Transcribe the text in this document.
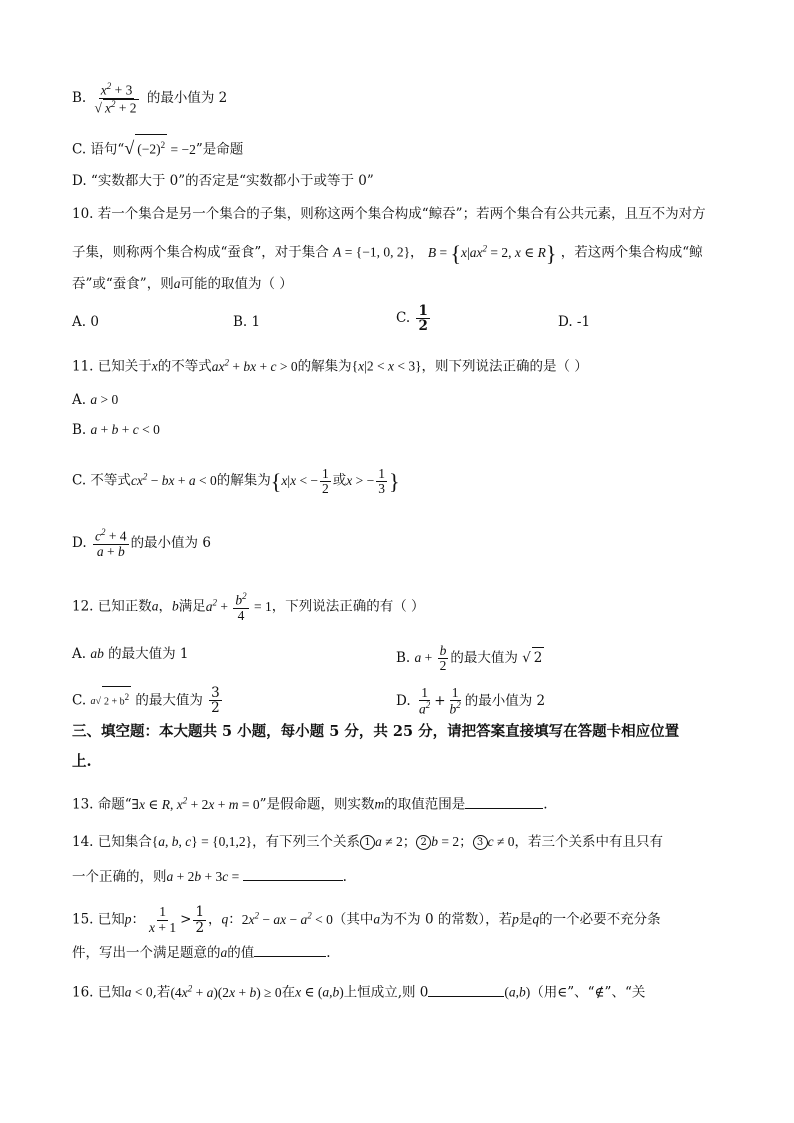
B. $\frac{x^2 + 3}{√ x^2 + 2}$ 的最小值为 2
C. 语句“√ $(-2)^2 = -2$”是命题
D. “实数都大于 0”的否定是“实数都小于或等于 0”
10. 若一个集合是另一个集合的子集，则称这两个集合构成“鲸吞”；若两个集合有公共元素，且互不为对方
子集，则称两个集合构成“蚕食”，对于集合 A = {−1, 0, 2}， $B = \{x|ax^2 = 2$, x ∈ R} ，若这两个集合构成“鲸
吞”或“蚕食”，则a可能的取值为（ ）
A. 0	B. 1	C. $\frac{1}{2}$	D. -1
11. 已知关于x的不等式$ax^2$ + bx + c > 0的解集为{x|2 < x < 3}，则下列说法正确的是（ ）
A. a > 0
B. a + b + c < 0
C. 不等式$cx^2$ − bx + a < 0的解集为{x|x < − $\frac{1}{2}$ 或x > − $\frac{1}{3}$ }
D. $\frac{c^2 + 4}{a + b}$ 的最小值为 6
12. 已知正数a，b满足$a^2 + \frac{b^2}{4} = 1$，下列说法正确的有（ ）
A. ab 的最大值为 1	B. $a + \frac{b}{2}$ 的最大值为 √ 2
C. a√ $2 + b^2$ 的最大值为 $\frac{3}{2}$	D. $\frac{1}{a^2} + \frac{1}{b^2}$ 的最小值为 2
三、填空题：本大题共 5 小题，每小题 5 分，共 25 分，请把答案直接填写在答题卡相应位置
上.
13. 命题“∃x ∈ R, $x^2 + 2x + m = 0$”是假命题，则实数m的取值范围是	.
14. 已知集合{a, b, c} = {0,1,2}，有下列三个关系 1 a ≠ 2； 2 b = 2； 3 c ≠ 0，若三个关系中有且只有
一个正确的，则a + 2b + 3c =	.
15. 已知p： $\frac{1}{x + 1} > \frac{1}{2}$ ，q：$2x^2$ − ax − $a^2 < 0$（其中a为不为 0 的常数），若p是q的一个必要不充分条
件，写出一个满足题意的a的值	.
16. 已知a < 0,若$(4x^2 + a)(2x + b) \ge 0$在x ∈ (a,b)上恒成立,则 0	(a,b)（用∈”、“∉”、“关
